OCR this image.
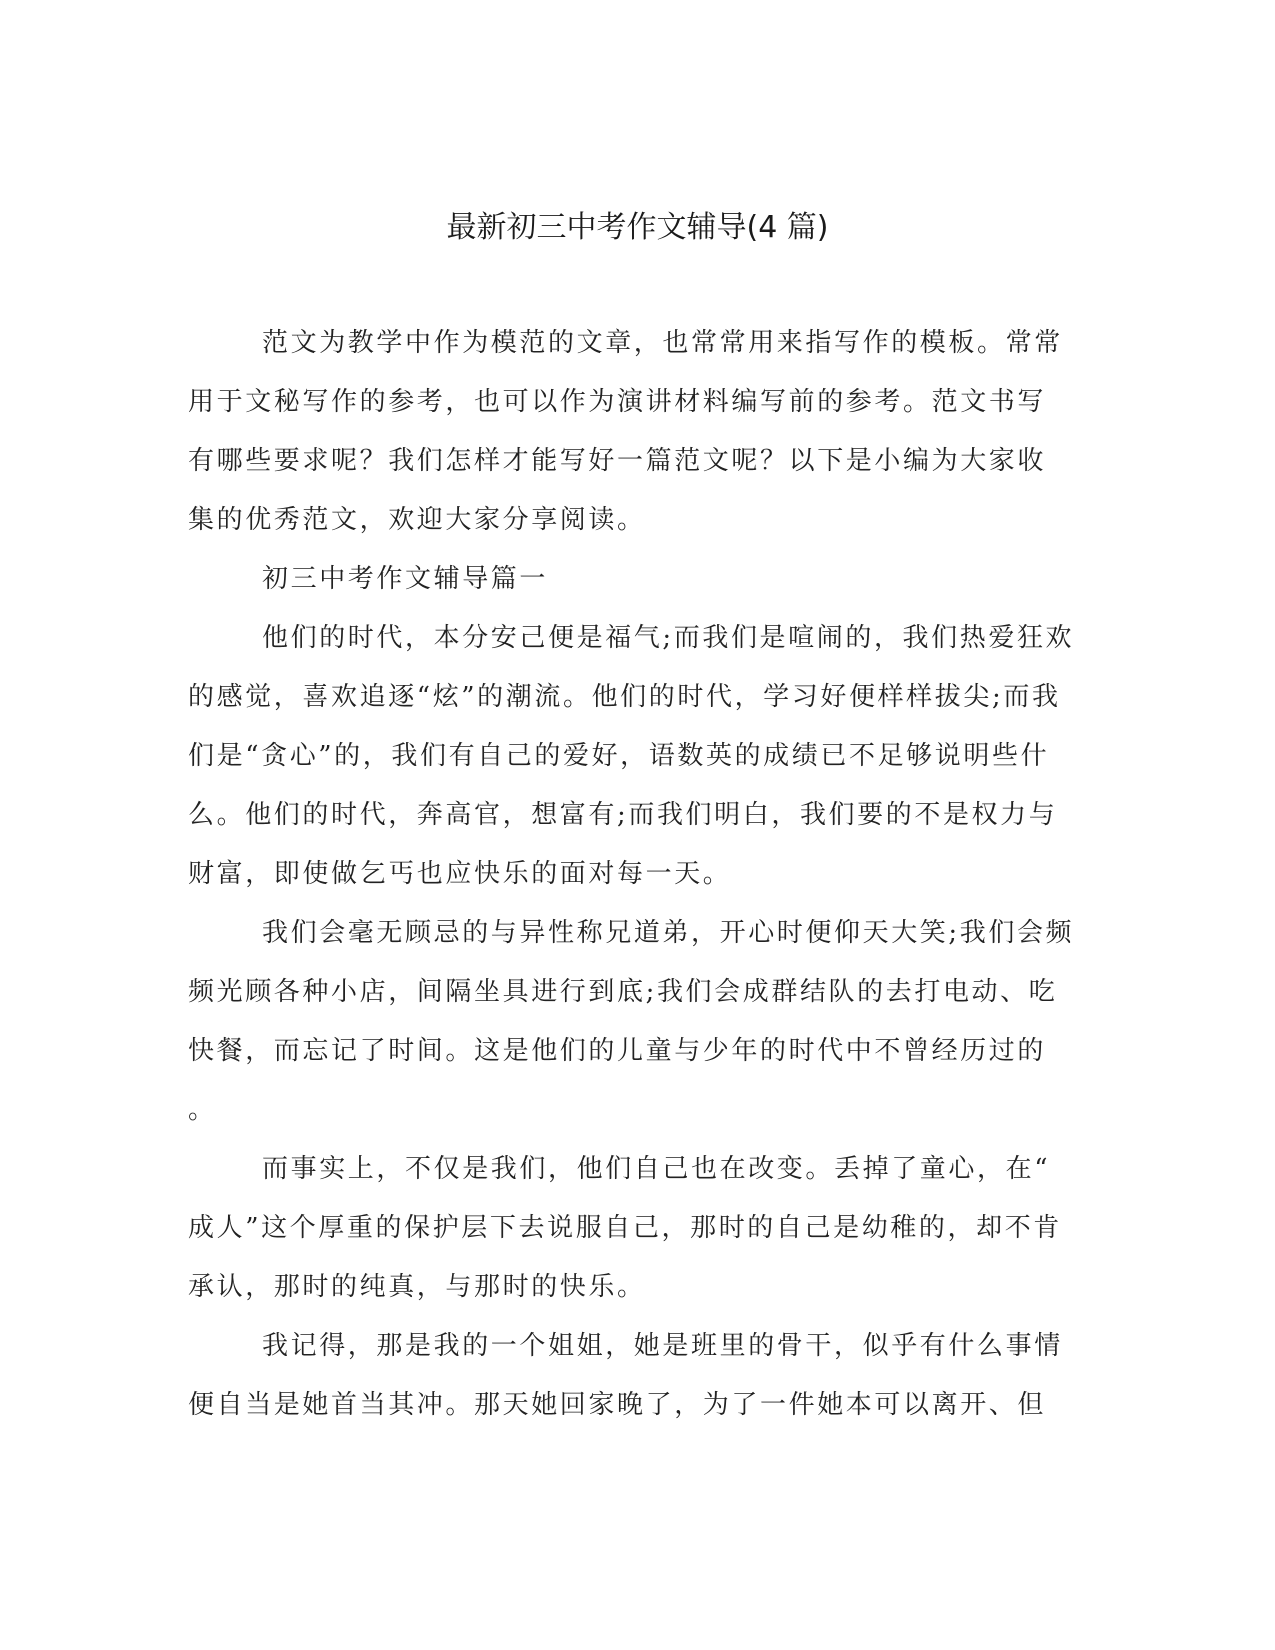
最新初三中考作文辅导(4 篇)
范文为教学中作为模范的文章，也常常用来指写作的模板。常常
用于文秘写作的参考，也可以作为演讲材料编写前的参考。范文书写
有哪些要求呢？我们怎样才能写好一篇范文呢？以下是小编为大家收
集的优秀范文，欢迎大家分享阅读。
初三中考作文辅导篇一
他们的时代，本分安己便是福气;而我们是喧闹的，我们热爱狂欢
的感觉，喜欢追逐“炫”的潮流。他们的时代，学习好便样样拔尖;而我
们是“贪心”的，我们有自己的爱好，语数英的成绩已不足够说明些什
么。他们的时代，奔高官，想富有;而我们明白，我们要的不是权力与
财富，即使做乞丐也应快乐的面对每一天。
我们会毫无顾忌的与异性称兄道弟，开心时便仰天大笑;我们会频
频光顾各种小店，间隔坐具进行到底;我们会成群结队的去打电动、吃
快餐，而忘记了时间。这是他们的儿童与少年的时代中不曾经历过的
。
而事实上，不仅是我们，他们自己也在改变。丢掉了童心，在“
成人”这个厚重的保护层下去说服自己，那时的自己是幼稚的，却不肯
承认，那时的纯真，与那时的快乐。
我记得，那是我的一个姐姐，她是班里的骨干，似乎有什么事情
便自当是她首当其冲。那天她回家晚了，为了一件她本可以离开、但
